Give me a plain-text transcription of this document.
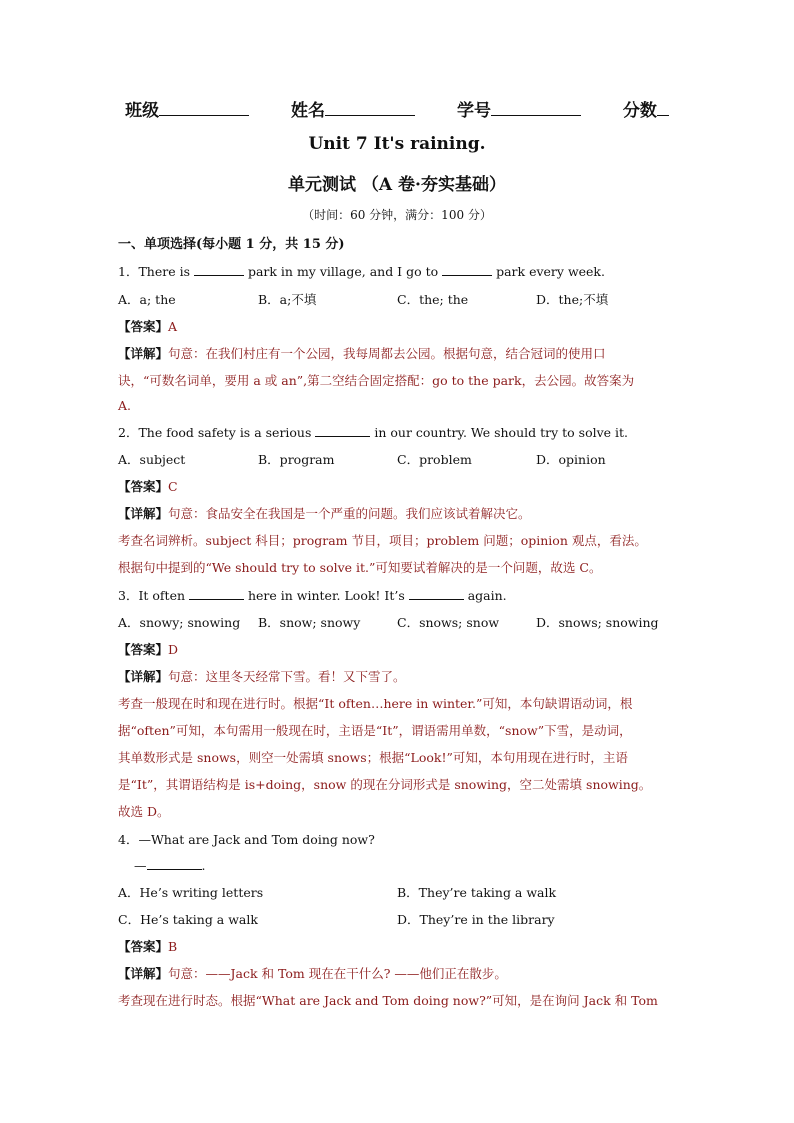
班级	姓名	学号	分数
Unit 7 It's raining.
单元测试 （A 卷·夯实基础）
（时间：60 分钟，满分：100 分）
一、单项选择(每小题 1 分，共 15 分)
1．There is	park in my village, and I go to	park every week.
A．a; the	B．a;不填	C．the; the	D．the;不填
【答案】A
【详解】句意：在我们村庄有一个公园，我每周都去公园。根据句意，结合冠词的使用口
诀，“可数名词单，要用 a 或 an”,第二空结合固定搭配：go to the park，去公园。故答案为
A.
2．The food safety is a serious	in our country. We should try to solve it.
A．subject	B．program	C．problem	D．opinion
【答案】C
【详解】句意：食品安全在我国是一个严重的问题。我们应该试着解决它。
考查名词辨析。subject 科目；program 节目，项目；problem 问题；opinion 观点，看法。
根据句中提到的“We should try to solve it.”可知要试着解决的是一个问题，故选 C。
3．It often	here in winter. Look! It’s	again.
A．snowy; snowing B．snow; snowy	C．snows; snow	D．snows; snowing
【答案】D
【详解】句意：这里冬天经常下雪。看！又下雪了。
考查一般现在时和现在进行时。根据“It often…here in winter.”可知，本句缺谓语动词，根
据“often”可知，本句需用一般现在时，主语是“It”，谓语需用单数，“snow”下雪，是动词，
其单数形式是 snows，则空一处需填 snows；根据“Look!”可知，本句用现在进行时，主语
是“It”，其谓语结构是 is+doing，snow 的现在分词形式是 snowing，空二处需填 snowing。
故选 D。
4．—What are Jack and Tom doing now?
—	.
A．He’s writing letters	B．They’re taking a walk
C．He’s taking a walk	D．They’re in the library
【答案】B
【详解】句意：——Jack 和 Tom 现在在干什么? ——他们正在散步。
考查现在进行时态。根据“What are Jack and Tom doing now?”可知，是在询问 Jack 和 Tom
